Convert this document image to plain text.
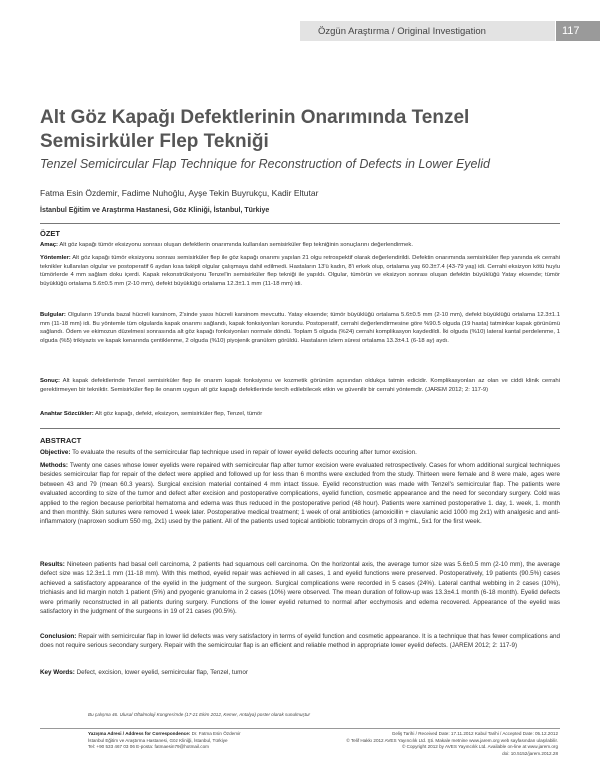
Özgün Araştırma / Original Investigation	117
Alt Göz Kapağı Defektlerinin Onarımında Tenzel Semisirküler Flep Tekniği
Tenzel Semicircular Flap Technique for Reconstruction of Defects in Lower Eyelid
Fatma Esin Özdemir, Fadime Nuhoğlu, Ayşe Tekin Buyrukçu, Kadir Eltutar
İstanbul Eğitim ve Araştırma Hastanesi, Göz Kliniği, İstanbul, Türkiye
ÖZET
Amaç: Alt göz kapağı tümör eksizyonu sonrası oluşan defektlerin onarımında kullanılan semisirküler flep tekniğinin sonuçlarını değerlendirmek.
Yöntemler: Alt göz kapağı tümör eksizyonu sonrası semisirküler flep ile göz kapağı onarımı yapılan 21 olgu retrospektif olarak değerlendirildi. Defektin onarımında semisirküler flep yanında ek cerrahi teknikler kullanılan olgular ve postoperatif 6 aydan kısa takipli olgular çalışmaya dahil edilmedi. Hastaların 13'ü kadın, 8'i erkek olup, ortalama yaş 60.3±7.4 (43-79 yaş) idi. Cerrahi eksizyon kötü huylu tümörlerde 4 mm sağlam doku içerdi. Kapak rekonstrüksiyonu Tenzel'in semisirküler flep tekniği ile yapıldı. Olgular, tümörün ve eksizyon sonrası oluşan defektin büyüklüğü Yatay eksende; tümör büyüklüğü ortalama 5.6±0.5 mm (2-10 mm), defekt büyüklüğü ortalama 12.3±1.1 mm (11-18 mm) idi.
Bulgular: Olguların 19'unda bazal hücreli karsinom, 2'sinde yassı hücreli karsinom mevcuttu. Yatay eksende; tümör büyüklüğü ortalama 5.6±0.5 mm (2-10 mm), defekt büyüklüğü ortalama 12.3±1.1 mm (11-18 mm) idi. Bu yöntemle tüm olgularda kapak onarımı sağlandı, kapak fonksiyonları korundu. Postoperatif, cerrahi değerlendirmesine göre %90.5 olguda (19 hasta) tatminkar kapak görünümü sağlandı. Ödem ve ekimozun düzelmesi sonrasında alt göz kapağı fonksiyonları normale döndü. Toplam 5 olguda (%24) cerrahi komplikasyon kaydedildi. İki olguda (%10) lateral kantal perdelenme, 1 olguda (%5) trikiyazis ve kapak kenarında çentiklenme, 2 olguda (%10) piyojenik granülom görüldü. Hastaların izlem süresi ortalama 13.3±4.1 (6-18 ay) aydı.
Sonuç: Alt kapak defektlerinde Tenzel semisirküler flep ile onarım kapak fonksiyonu ve kozmetik görünüm açısından oldukça tatmin edicidir. Komplikasyonları az olan ve ciddi klinik cerrahi gerektirmeyen bir tekniktir. Semisirküler flep ile onarım uygun alt göz kapağı defektlerinde tercih edilebilecek etkin ve güvenilir bir cerrahi yöntemdir. (JAREM 2012; 2: 117-9)
Anahtar Sözcükler: Alt göz kapağı, defekt, eksizyon, semisirküler flep, Tenzel, tümör
ABSTRACT
Objective: To evaluate the results of the semicircular flap technique used in repair of lower eyelid defects occuring after tumor excision.
Methods: Twenty one cases whose lower eyelids were repaired with semicircular flap after tumor excision were evaluated retrospectively. Cases for whom additional surgical techniques besides semicircular flap for repair of the defect were applied and followed up for less than 6 months were excluded from the study. Thirteen were female and 8 were male, ages were between 43 and 79 (mean 60.3 years). Surgical excision material contained 4 mm intact tissue. Eyelid reconstruction was made with Tenzel's semicircular flap. The patients were evaluated according to size of the tumor and defect after excision and postoperative complications, eyelid function, cosmetic appearance and the need for secondary surgery. Cold was applied to the region because periorbital hematoma and edema was thus reduced in the postoperative period (48 hour). Patients were xamined postoperative 1. day, 1. week, 1. month and then monthly. Skin sutures were removed 1 week later. Postoperative medical treatment; 1 week of oral antibiotics (amoxicillin + clavulanic acid 1000 mg 2x1) with analgesic and anti-inflammatory (naproxen sodium 550 mg, 2x1) used by the patient. All of the patients used topical antibiotic tobramycin drops of 3 mg/mL, 5x1 for the first week.
Results: Nineteen patients had basal cell carcinoma, 2 patients had squamous cell carcinoma. On the horizontal axis, the average tumor size was 5.6±0.5 mm (2-10 mm), the average defect size was 12.3±1.1 mm (11-18 mm). With this method, eyelid repair was achieved in all cases, 1 and eyelid functions were preserved. Postoperatively, 19 patients (90.5%) cases achieved a satisfactory appearance of the eyelid in the judgment of the surgeon. Surgical complications were recorded in 5 cases (24%). Lateral canthal webbing in 2 cases (10%), trichiasis and lid margin notch 1 patient (5%) and pyogenic granuloma in 2 cases (10%) were observed. The mean duration of follow-up was 13.3±4.1 month (6-18 month). Eyelid defects were primarily reconstructed in all patients during surgery. Functions of the lower eyelid returned to normal after ecchymosis and edema recovered. Appearance of the eyelid was satisfactory in the judgment of the surgeons in 19 of 21 cases (90.5%).
Conclusion: Repair with semicircular flap in lower lid defects was very satisfactory in terms of eyelid function and cosmetic appearance. It is a technique that has fewer complications and does not require serious secondary surgery. Repair with the semicircular flap is an efficient and reliable method in appropriate lower eyelid defects. (JAREM 2012; 2: 117-9)
Key Words: Defect, excision, lower eyelid, semicircular flap, Tenzel, tumor
Bu çalışma 46. Ulusal Oftalmoloji Kongresi'nde (17-21 Ekim 2012, Kemer, Antalya) poster olarak sunulmuştur
Yazışma Adresi / Address for Correspondence: Dr. Fatma Esin Özdemir
İstanbul Eğitim ve Araştırma Hastanesi, Göz Kliniği, İstanbul, Türkiye
Tel: +90 533 467 03 06 E-posta: fatmaesin79@hotmail.com
Geliş Tarihi / Received Date: 17.11.2012 Kabul Tarihi / Accepted Date: 05.12.2012
© Telif Hakkı 2012 AVES Yayıncılık Ltd. Şti. Makale metnine www.jarem.org web sayfasından ulaşılabilir.
© Copyright 2012 by AVES Yayıncılık Ltd. Available on-line at www.jarem.org
doi: 10.5152/jarem.2012.28
